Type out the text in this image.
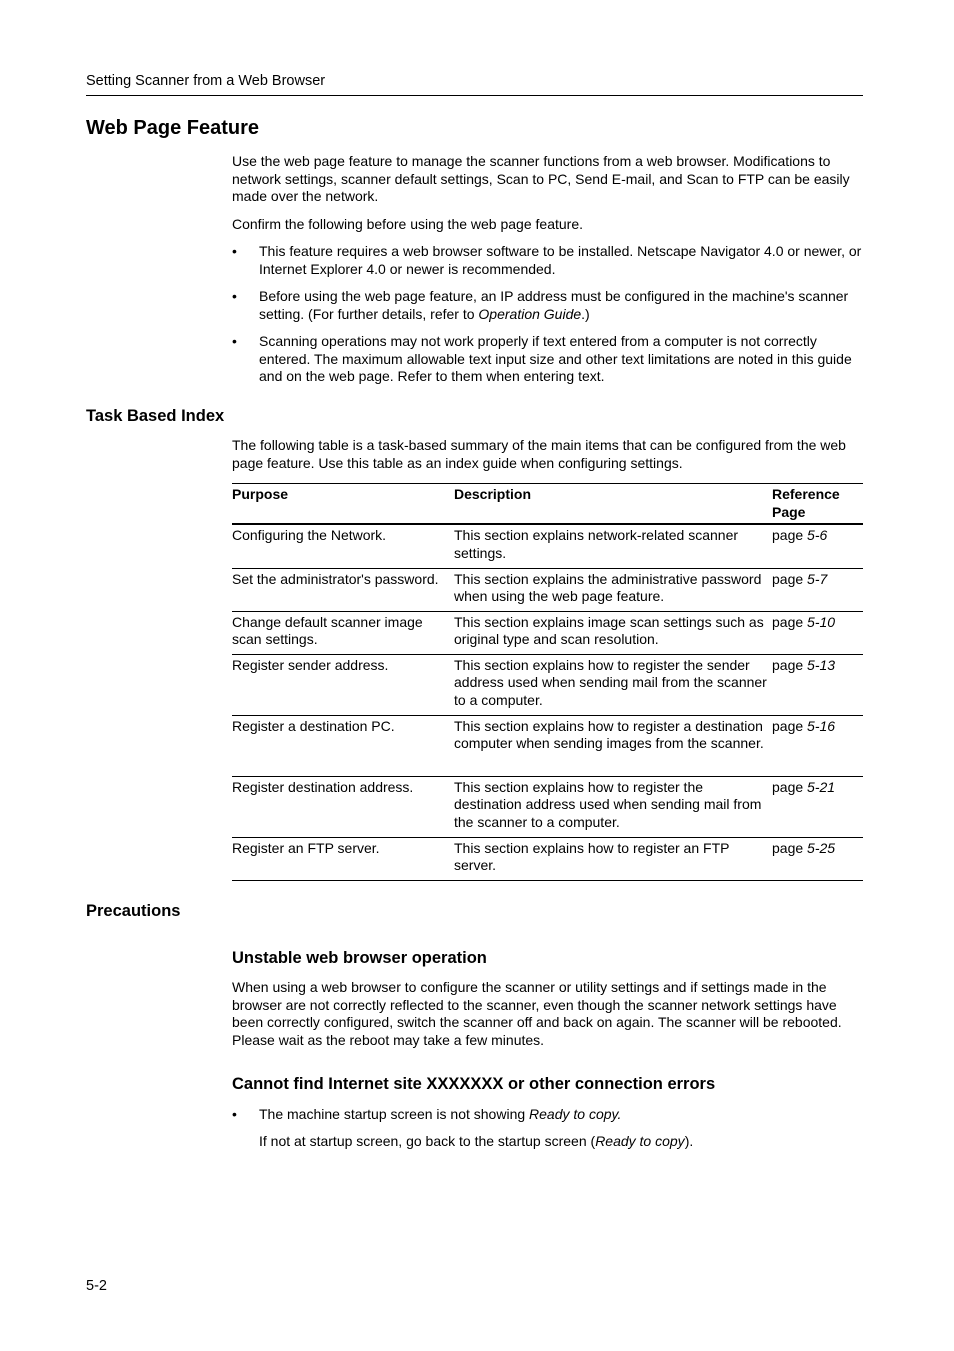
Setting Scanner from a Web Browser
Web Page Feature
Use the web page feature to manage the scanner functions from a web browser. Modifications to network settings, scanner default settings, Scan to PC, Send E-mail, and Scan to FTP can be easily made over the network.
Confirm the following before using the web page feature.
•	This feature requires a web browser software to be installed. Netscape Navigator 4.0 or newer, or Internet Explorer 4.0 or newer is recommended.
•	Before using the web page feature, an IP address must be configured in the machine's scanner setting. (For further details, refer to Operation Guide.)
•	Scanning operations may not work properly if text entered from a computer is not correctly entered. The maximum allowable text input size and other text limitations are noted in this guide and on the web page. Refer to them when entering text.
Task Based Index
The following table is a task-based summary of the main items that can be configured from the web page feature. Use this table as an index guide when configuring settings.
Purpose	Description	Reference Page
Configuring the Network.	This section explains network-related scanner settings.	page 5-6
Set the administrator's password.	This section explains the administrative password when using the web page feature.	page 5-7
Change default scanner image scan settings.	This section explains image scan settings such as original type and scan resolution.	page 5-10
Register sender address.	This section explains how to register the sender address used when sending mail from the scanner to a computer.	page 5-13
Register a destination PC.	This section explains how to register a destination computer when sending images from the scanner.	page 5-16
Register destination address.	This section explains how to register the destination address used when sending mail from the scanner to a computer.	page 5-21
Register an FTP server.	This section explains how to register an FTP server.	page 5-25
Precautions
Unstable web browser operation
When using a web browser to configure the scanner or utility settings and if settings made in the browser are not correctly reflected to the scanner, even though the scanner network settings have been correctly configured, switch the scanner off and back on again. The scanner will be rebooted. Please wait as the reboot may take a few minutes.
Cannot find Internet site XXXXXXX or other connection errors
•	The machine startup screen is not showing Ready to copy.
If not at startup screen, go back to the startup screen (Ready to copy).
5-2
